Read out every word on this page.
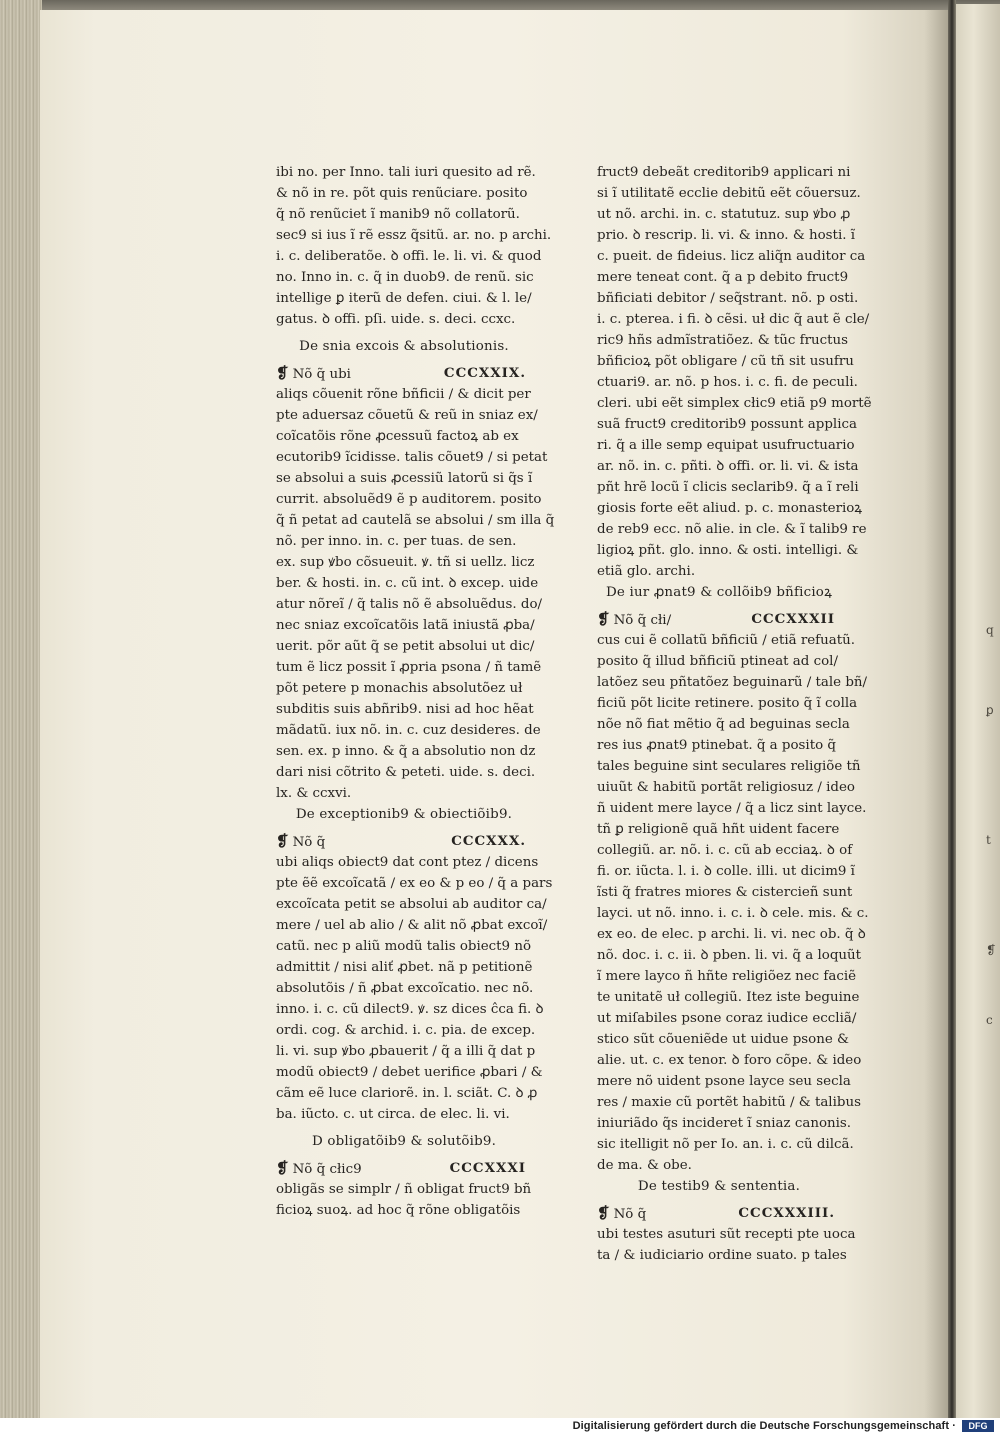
q
ꝑ
t
❡
c
ibi no. per Inno. tali iuri quesito ad rẽ.
& nõ in re. põt quis renũciare. posito
q̃ nõ renũciet ĩ manib9 nõ collatorũ.
sec9 si ius ĩ rẽ essz q̃sitũ. ar. no. p archi.
i. c. deliberatõe. ꝺ offi. le. li. vi. & quod
no. Inno in. c. q̃ in duob9. de renũ. sic
intellige ꝑ iterũ de defen. ciui. & l. le/
gatus. ꝺ offi. pſi. uide. s. deci. ccxc.
De snia excois & absolutionis.
❡ Nõ q̃ ubi	CCCXXIX.
aliqs cõuenit rõne bñficii / & dicit per
pte aduersaz cõuetũ & reũ in sniaz ex/
coĩcatõis rõne ꝓcessuũ factoꝝ ab ex
ecutorib9 ĩcidisse. talis cõuet9 / si petat
se absolui a suis ꝓcessiũ latorũ si q̃s ĩ
currit. absoluẽd9 ẽ p auditorem. posito
q̃ ñ petat ad cautelã se absolui / sm illa q̃
nõ. per inno. in. c. per tuas. de sen.
ex. sup ꝟbo cõsueuit. ꝟ. tñ si uellz. licz
ber. & hosti. in. c. cũ int. ꝺ excep. uide
atur nõreĩ / q̃ talis nõ ẽ absoluẽdus. do/
nec sniaz excoĩcatõis latã iniustã ꝓba/
uerit. põr aũt q̃ se petit absolui ut dic/
tum ẽ licz possit ĩ ꝓpria psona / ñ tamẽ
põt petere p monachis absolutõez uł
subditis suis abñrib9. nisi ad hoc hẽat
mãdatũ. iux nõ. in. c. cuz desideres. de
sen. ex. p inno. & q̃ a absolutio non dz
dari nisi cõtrito & peteti. uide. s. deci.
lx. & ccxvi.
De exceptionib9 & obiectiõib9.
❡ Nõ q̃	CCCXXX.
ubi aliqs obiect9 dat cont ptez / dicens
pte ẽẽ excoĩcatã / ex eo & p eo / q̃ a pars
excoĩcata petit se absolui ab auditor ca/
mere / uel ab alio / & alit nõ ꝓbat excoĩ/
catũ. nec p aliũ modũ talis obiect9 nõ
admittit / nisi aliť ꝓbet. nã p petitionẽ
absolutõis / ñ ꝓbat excoĩcatio. nec nõ.
inno. i. c. cũ dilect9. ꝟ. sz dices ĉca fi. ꝺ
ordi. cog. & archid. i. c. pia. de excep.
li. vi. sup ꝟbo ꝓbauerit / q̃ a illi q̃ dat p
modũ obiect9 / debet uerifice ꝓbari / &
cãm eẽ luce clariorẽ. in. l. sciãt. C. ꝺ ꝓ
ba. iũcto. c. ut circa. de elec. li. vi.
D obligatõib9 & solutõib9.
❡ Nõ q̃ cłic9	CCCXXXI
obligãs se simplr / ñ obligat fruct9 bñ
ficioꝝ suoꝝ. ad hoc q̃ rõne obligatõis
fruct9 debeãt creditorib9 applicari ni
si ĩ utilitatẽ ecclie debitũ eẽt cõuersuz.
ut nõ. archi. in. c. statutuz. sup ꝟbo ꝓ
prio. ꝺ rescrip. li. vi. & inno. & hosti. ĩ
c. pueit. de fideius. licz aliq̃n auditor ca
mere teneat cont. q̃ a p debito fruct9
bñficiati debitor / seq̃strant. nõ. p osti.
i. c. pterea. i fi. ꝺ cẽsi. uł dic q̃ aut ẽ cle/
ric9 hñs admĩstratiõez. & tũc fructus
bñficioꝝ põt obligare / cũ tñ sit usufru
ctuari9. ar. nõ. p hos. i. c. fi. de peculi.
cleri. ubi eẽt simplex cłic9 etiã p9 mortẽ
suã fruct9 creditorib9 possunt applica
ri. q̃ a ille semp equipat usufructuario
ar. nõ. in. c. pñti. ꝺ offi. or. li. vi. & ista
pñt hrẽ locũ ĩ clicis seclarib9. q̃ a ĩ reli
giosis forte eẽt aliud. p. c. monasterioꝝ
de reb9 ecc. nõ alie. in cle. & ĩ talib9 re
ligioꝝ pñt. glo. inno. & osti. intelligi. &
etiã glo. archi.
De iur ꝓnat9 & collõib9 bñficioꝝ
❡ Nõ q̃ cłi/	CCCXXXII
cus cui ẽ collatũ bñficiũ / etiã refuatũ.
posito q̃ illud bñficiũ ptineat ad col/
latõez seu pñtatõez beguinarũ / tale bñ/
ficiũ põt licite retinere. posito q̃ ĩ colla
nõe nõ fiat mẽtio q̃ ad beguinas secla
res ius ꝓnat9 ptinebat. q̃ a posito q̃
tales beguine sint seculares religiõe tñ
uiuũt & habitũ portãt religiosuz / ideo
ñ uident mere layce / q̃ a licz sint layce.
tñ ꝑ religionẽ quã hñt uident facere
collegiũ. ar. nõ. i. c. cũ ab ecciaꝝ. ꝺ of
fi. or. iũcta. l. i. ꝺ colle. illi. ut dicim9 ĩ
ĩsti q̃ fratres miores & cistercieñ sunt
layci. ut nõ. inno. i. c. i. ꝺ cele. mis. & c.
ex eo. de elec. p archi. li. vi. nec ob. q̃ ꝺ
nõ. doc. i. c. ii. ꝺ pben. li. vi. q̃ a loquũt
ĩ mere layco ñ hñte religiõez nec faciẽ
te unitatẽ uł collegiũ. Itez iste beguine
ut miſabiles psone coraz iudice eccliã/
stico sũt cõueniẽde ut uidue psone &
alie. ut. c. ex tenor. ꝺ foro cõpe. & ideo
mere nõ uident psone layce seu secla
res / maxie cũ portẽt habitũ / & talibus
iniuriãdo q̃s incideret ĩ sniaz canonis.
sic itelligit nõ per Io. an. i. c. cũ dilcã.
de ma. & obe.
De testib9 & sententia.
❡ Nõ q̃	CCCXXXIII.
ubi testes asuturi sũt recepti pte uoca
ta / & iudiciario ordine suato. p tales
Digitalisierung gefördert durch die Deutsche Forschungsgemeinschaft ·	DFG
